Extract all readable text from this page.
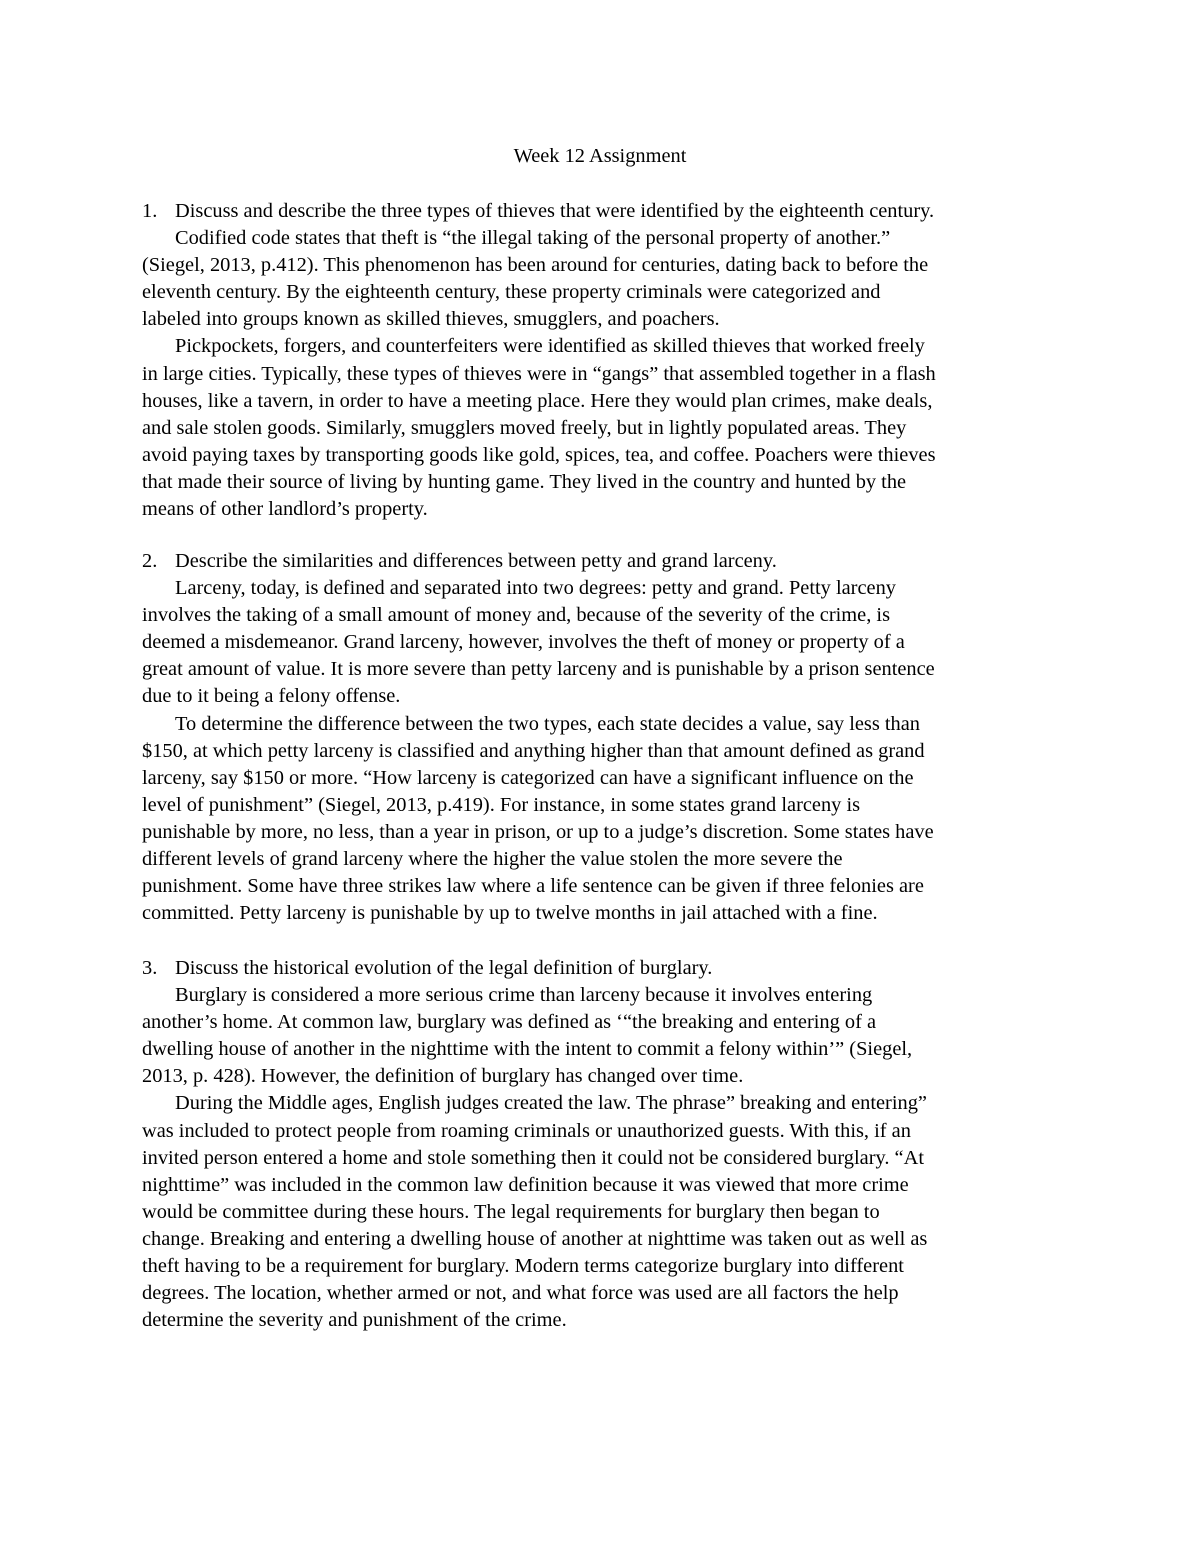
Week 12 Assignment

1. Discuss and describe the three types of thieves that were identified by the eighteenth century.

Codified code states that theft is “the illegal taking of the personal property of another.”
(Siegel, 2013, p.412). This phenomenon has been around for centuries, dating back to before the
eleventh century. By the eighteenth century, these property criminals were categorized and
labeled into groups known as skilled thieves, smugglers, and poachers.

Pickpockets, forgers, and counterfeiters were identified as skilled thieves that worked freely
in large cities. Typically, these types of thieves were in “gangs” that assembled together in a flash
houses, like a tavern, in order to have a meeting place. Here they would plan crimes, make deals,
and sale stolen goods. Similarly, smugglers moved freely, but in lightly populated areas. They
avoid paying taxes by transporting goods like gold, spices, tea, and coffee. Poachers were thieves
that made their source of living by hunting game. They lived in the country and hunted by the
means of other landlord’s property.

2. Describe the similarities and differences between petty and grand larceny.

Larceny, today, is defined and separated into two degrees: petty and grand. Petty larceny
involves the taking of a small amount of money and, because of the severity of the crime, is
deemed a misdemeanor. Grand larceny, however, involves the theft of money or property of a
great amount of value. It is more severe than petty larceny and is punishable by a prison sentence
due to it being a felony offense.

To determine the difference between the two types, each state decides a value, say less than
$150, at which petty larceny is classified and anything higher than that amount defined as grand
larceny, say $150 or more. “How larceny is categorized can have a significant influence on the
level of punishment” (Siegel, 2013, p.419). For instance, in some states grand larceny is
punishable by more, no less, than a year in prison, or up to a judge’s discretion. Some states have
different levels of grand larceny where the higher the value stolen the more severe the
punishment. Some have three strikes law where a life sentence can be given if three felonies are
committed. Petty larceny is punishable by up to twelve months in jail attached with a fine.

3. Discuss the historical evolution of the legal definition of burglary.

Burglary is considered a more serious crime than larceny because it involves entering
another’s home. At common law, burglary was defined as ‘“the breaking and entering of a
dwelling house of another in the nighttime with the intent to commit a felony within’” (Siegel,
2013, p. 428). However, the definition of burglary has changed over time.

During the Middle ages, English judges created the law. The phrase” breaking and entering”
was included to protect people from roaming criminals or unauthorized guests. With this, if an
invited person entered a home and stole something then it could not be considered burglary. “At
nighttime” was included in the common law definition because it was viewed that more crime
would be committee during these hours. The legal requirements for burglary then began to
change. Breaking and entering a dwelling house of another at nighttime was taken out as well as
theft having to be a requirement for burglary. Modern terms categorize burglary into different
degrees. The location, whether armed or not, and what force was used are all factors the help
determine the severity and punishment of the crime.
